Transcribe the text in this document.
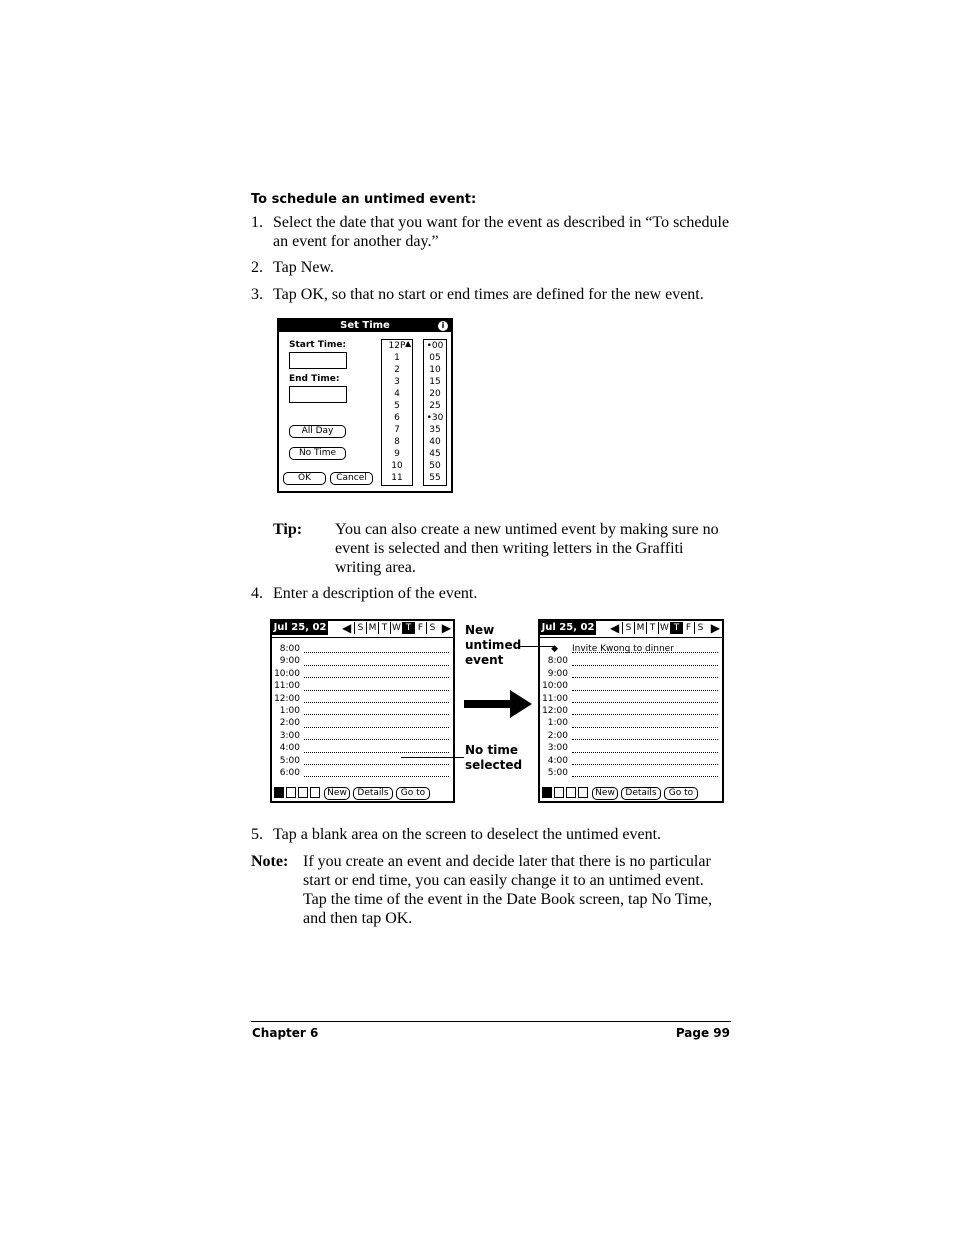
To schedule an untimed event:
1. Select the date that you want for the event as described in “To schedule an event for another day.”
2. Tap New.
3. Tap OK, so that no start or end times are defined for the new event.
Set Time	i
Start Time:
End Time:
All Day
No Time
OK	Cancel
12P
1
2
3
4
5
6
7
8
9
10
11
▲ •00
05
10
15
20
25
•30
35
40
45
50
55
Tip: You can also create a new untimed event by making sure no event is selected and then writing letters in the Graffiti writing area.
4. Enter a description of the event.
Jul 25, 02 ◀ S M T W T F S ▶
8:00
9:00
10:00
11:00
12:00
1:00
2:00
3:00
4:00
5:00
6:00
New	Details	Go to
Jul 25, 02 ◀ S M T W T F S ▶
◆ Invite Kwong to dinner
8:00
9:00
10:00
11:00
12:00
1:00
2:00
3:00
4:00
5:00
New	Details	Go to
New untimed event
No time selected
5. Tap a blank area on the screen to deselect the untimed event.
Note: If you create an event and decide later that there is no particular start or end time, you can easily change it to an untimed event. Tap the time of the event in the Date Book screen, tap No Time, and then tap OK.
Chapter 6	Page 99
